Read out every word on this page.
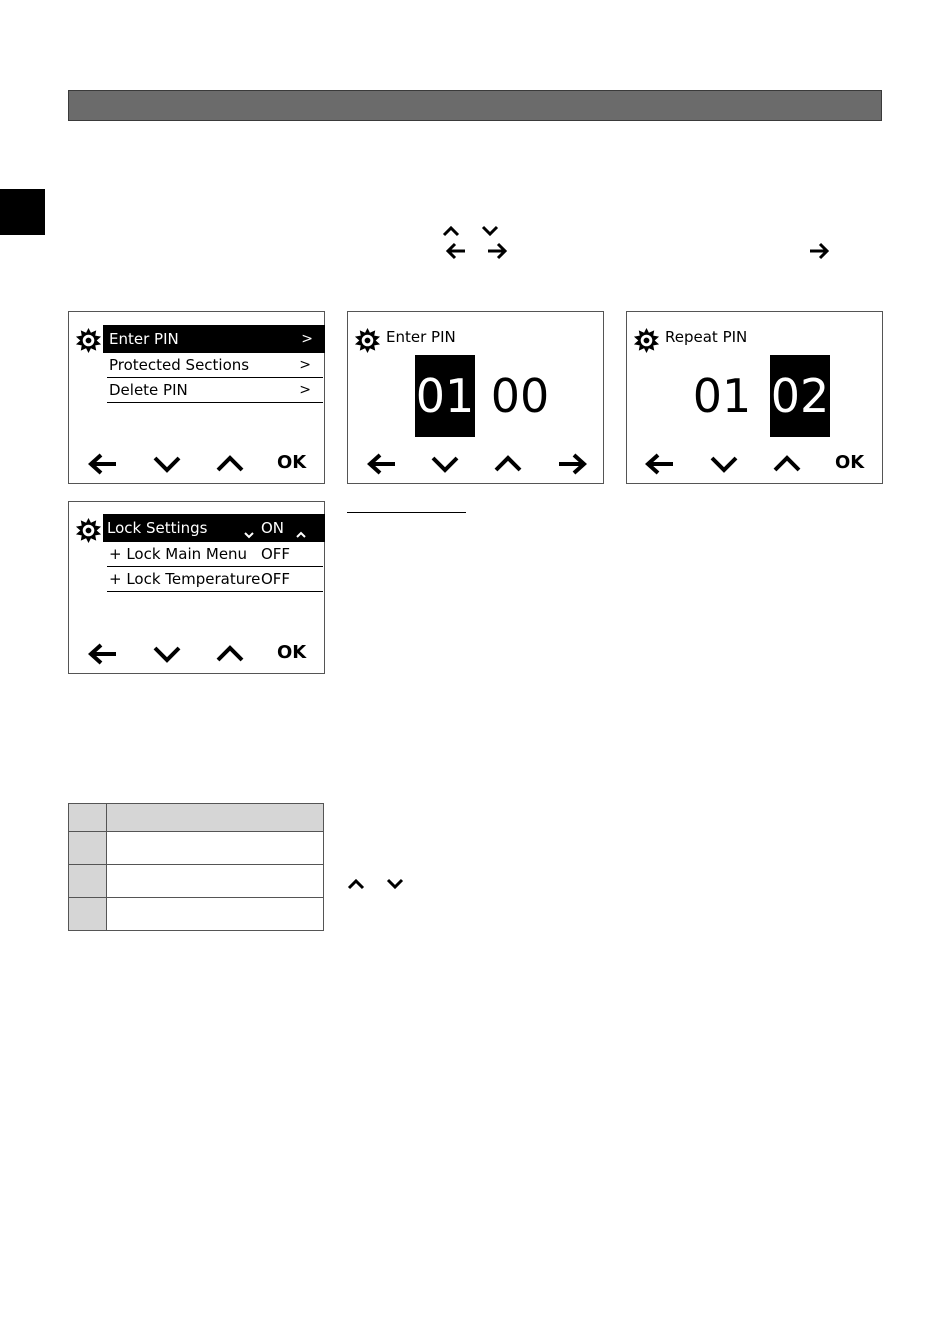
Enter PIN	>
Protected Sections	>
Delete PIN	>
OK
Enter PIN
01 00
Repeat PIN
01 02
OK
Lock Settings	ON
+ Lock Main Menu OFF
+ Lock Temperature OFF
OK
